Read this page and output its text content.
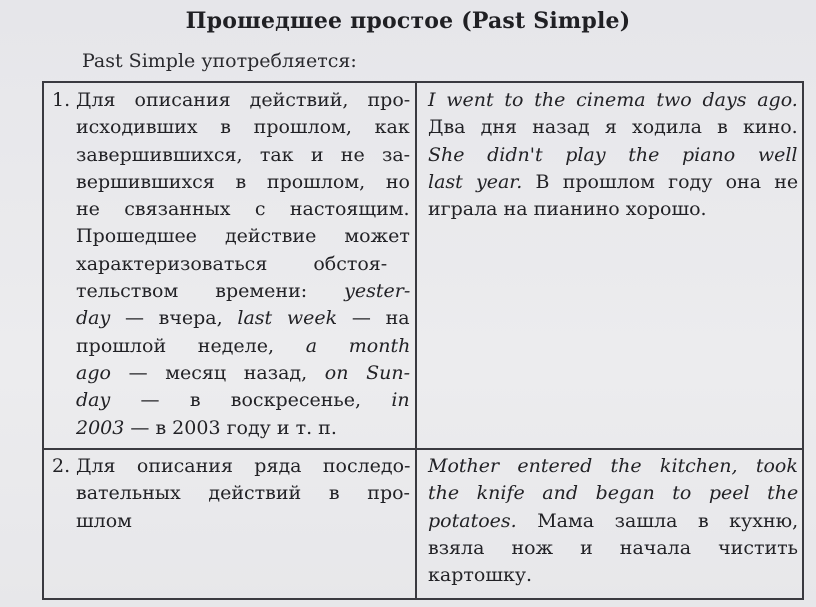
Прошедшее простое (Past Simple)
Past Simple употребляется:
1. Для описания действий, про-
исходивших в прошлом, как
завершившихся, так и не за-
вершившихся в прошлом, но
не связанных с настоящим.
Прошедшее действие может
характеризоваться обстоя-
тельством времени: yester-
day — вчера, last week — на
прошлой неделе, a month
ago — месяц назад, on Sun-
day — в воскресенье, in
2003 — в 2003 году и т. п.
I went to the cinema two days ago.
Два дня назад я ходила в кино.
She didn't play the piano well
last year. В прошлом году она не
играла на пианино хорошо.
2. Для описания ряда последо-
вательных действий в про-
шлом
Mother entered the kitchen, took
the knife and began to peel the
potatoes. Мама зашла в кухню,
взяла нож и начала чистить
картошку.
